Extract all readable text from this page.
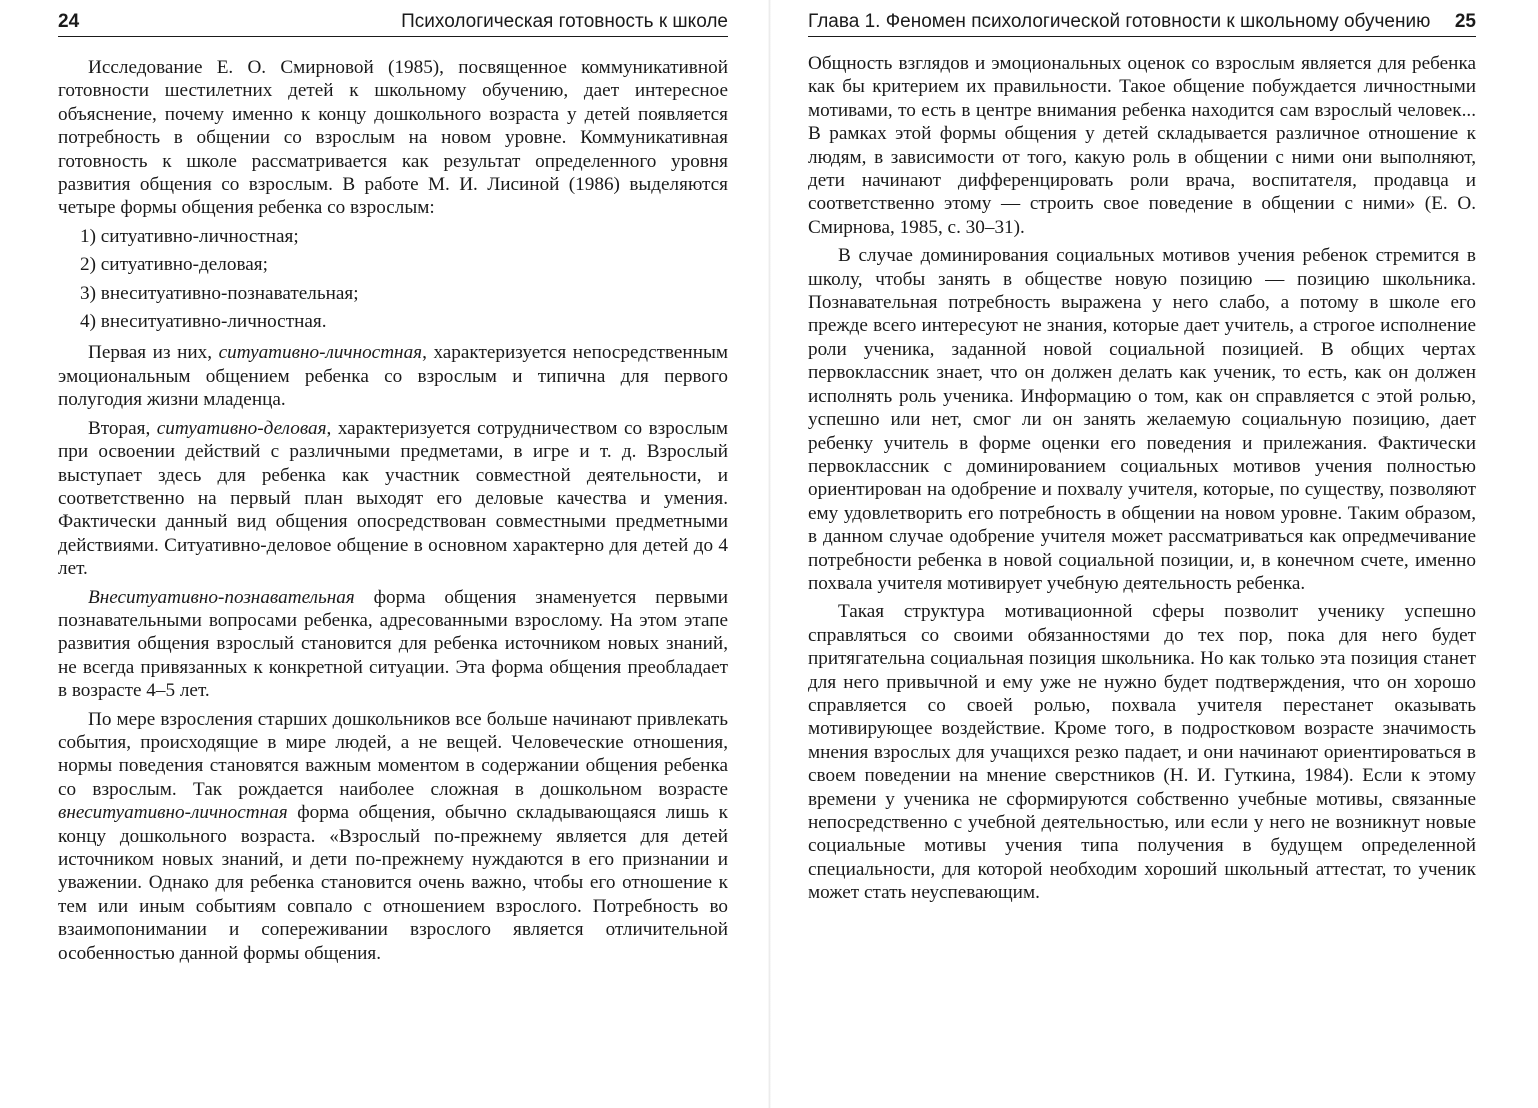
24	Психологическая готовность к школе

Исследование Е. О. Смирновой (1985), посвященное коммуникативной готовности шестилетних детей к школьному обучению, дает интересное объяснение, почему именно к концу дошкольного возраста у детей появляется потребность в общении со взрослым на новом уровне. Коммуникативная готовность к школе рассматривается как результат определенного уровня развития общения со взрослым. В работе М. И. Лисиной (1986) выделяются четыре формы общения ребенка со взрослым:

1) ситуативно-личностная;
2) ситуативно-деловая;
3) внеситуативно-познавательная;
4) внеситуативно-личностная.

Первая из них, ситуативно-личностная, характеризуется непосредственным эмоциональным общением ребенка со взрослым и типична для первого полугодия жизни младенца.

Вторая, ситуативно-деловая, характеризуется сотрудничеством со взрослым при освоении действий с различными предметами, в игре и т. д. Взрослый выступает здесь для ребенка как участник совместной деятельности, и соответственно на первый план выходят его деловые качества и умения. Фактически данный вид общения опосредствован совместными предметными действиями. Ситуативно-деловое общение в основном характерно для детей до 4 лет.

Внеситуативно-познавательная форма общения знаменуется первыми познавательными вопросами ребенка, адресованными взрослому. На этом этапе развития общения взрослый становится для ребенка источником новых знаний, не всегда привязанных к конкретной ситуации. Эта форма общения преобладает в возрасте 4–5 лет.

По мере взросления старших дошкольников все больше начинают привлекать события, происходящие в мире людей, а не вещей. Человеческие отношения, нормы поведения становятся важным моментом в содержании общения ребенка со взрослым. Так рождается наиболее сложная в дошкольном возрасте внеситуативно-личностная форма общения, обычно складывающаяся лишь к концу дошкольного возраста. «Взрослый по-прежнему является для детей источником новых знаний, и дети по-прежнему нуждаются в его признании и уважении. Однако для ребенка становится очень важно, чтобы его отношение к тем или иным событиям совпало с отношением взрослого. Потребность во взаимопонимании и сопереживании взрослого является отличительной особенностью данной формы общения.

Глава 1. Феномен психологической готовности к школьному обучению 25

Общность взглядов и эмоциональных оценок со взрослым является для ребенка как бы критерием их правильности. Такое общение побуждается личностными мотивами, то есть в центре внимания ребенка находится сам взрослый человек... В рамках этой формы общения у детей складывается различное отношение к людям, в зависимости от того, какую роль в общении с ними они выполняют, дети начинают дифференцировать роли врача, воспитателя, продавца и соответственно этому — строить свое поведение в общении с ними» (Е. О. Смирнова, 1985, с. 30–31).

В случае доминирования социальных мотивов учения ребенок стремится в школу, чтобы занять в обществе новую позицию — позицию школьника. Познавательная потребность выражена у него слабо, а потому в школе его прежде всего интересуют не знания, которые дает учитель, а строгое исполнение роли ученика, заданной новой социальной позицией. В общих чертах первоклассник знает, что он должен делать как ученик, то есть, как он должен исполнять роль ученика. Информацию о том, как он справляется с этой ролью, успешно или нет, смог ли он занять желаемую социальную позицию, дает ребенку учитель в форме оценки его поведения и прилежания. Фактически первоклассник с доминированием социальных мотивов учения полностью ориентирован на одобрение и похвалу учителя, которые, по существу, позволяют ему удовлетворить его потребность в общении на новом уровне. Таким образом, в данном случае одобрение учителя может рассматриваться как опредмечивание потребности ребенка в новой социальной позиции, и, в конечном счете, именно похвала учителя мотивирует учебную деятельность ребенка.

Такая структура мотивационной сферы позволит ученику успешно справляться со своими обязанностями до тех пор, пока для него будет притягательна социальная позиция школьника. Но как только эта позиция станет для него привычной и ему уже не нужно будет подтверждения, что он хорошо справляется со своей ролью, похвала учителя перестанет оказывать мотивирующее воздействие. Кроме того, в подростковом возрасте значимость мнения взрослых для учащихся резко падает, и они начинают ориентироваться в своем поведении на мнение сверстников (Н. И. Гуткина, 1984). Если к этому времени у ученика не сформируются собственно учебные мотивы, связанные непосредственно с учебной деятельностью, или если у него не возникнут новые социальные мотивы учения типа получения в будущем определенной специальности, для которой необходим хороший школьный аттестат, то ученик может стать неуспевающим.
